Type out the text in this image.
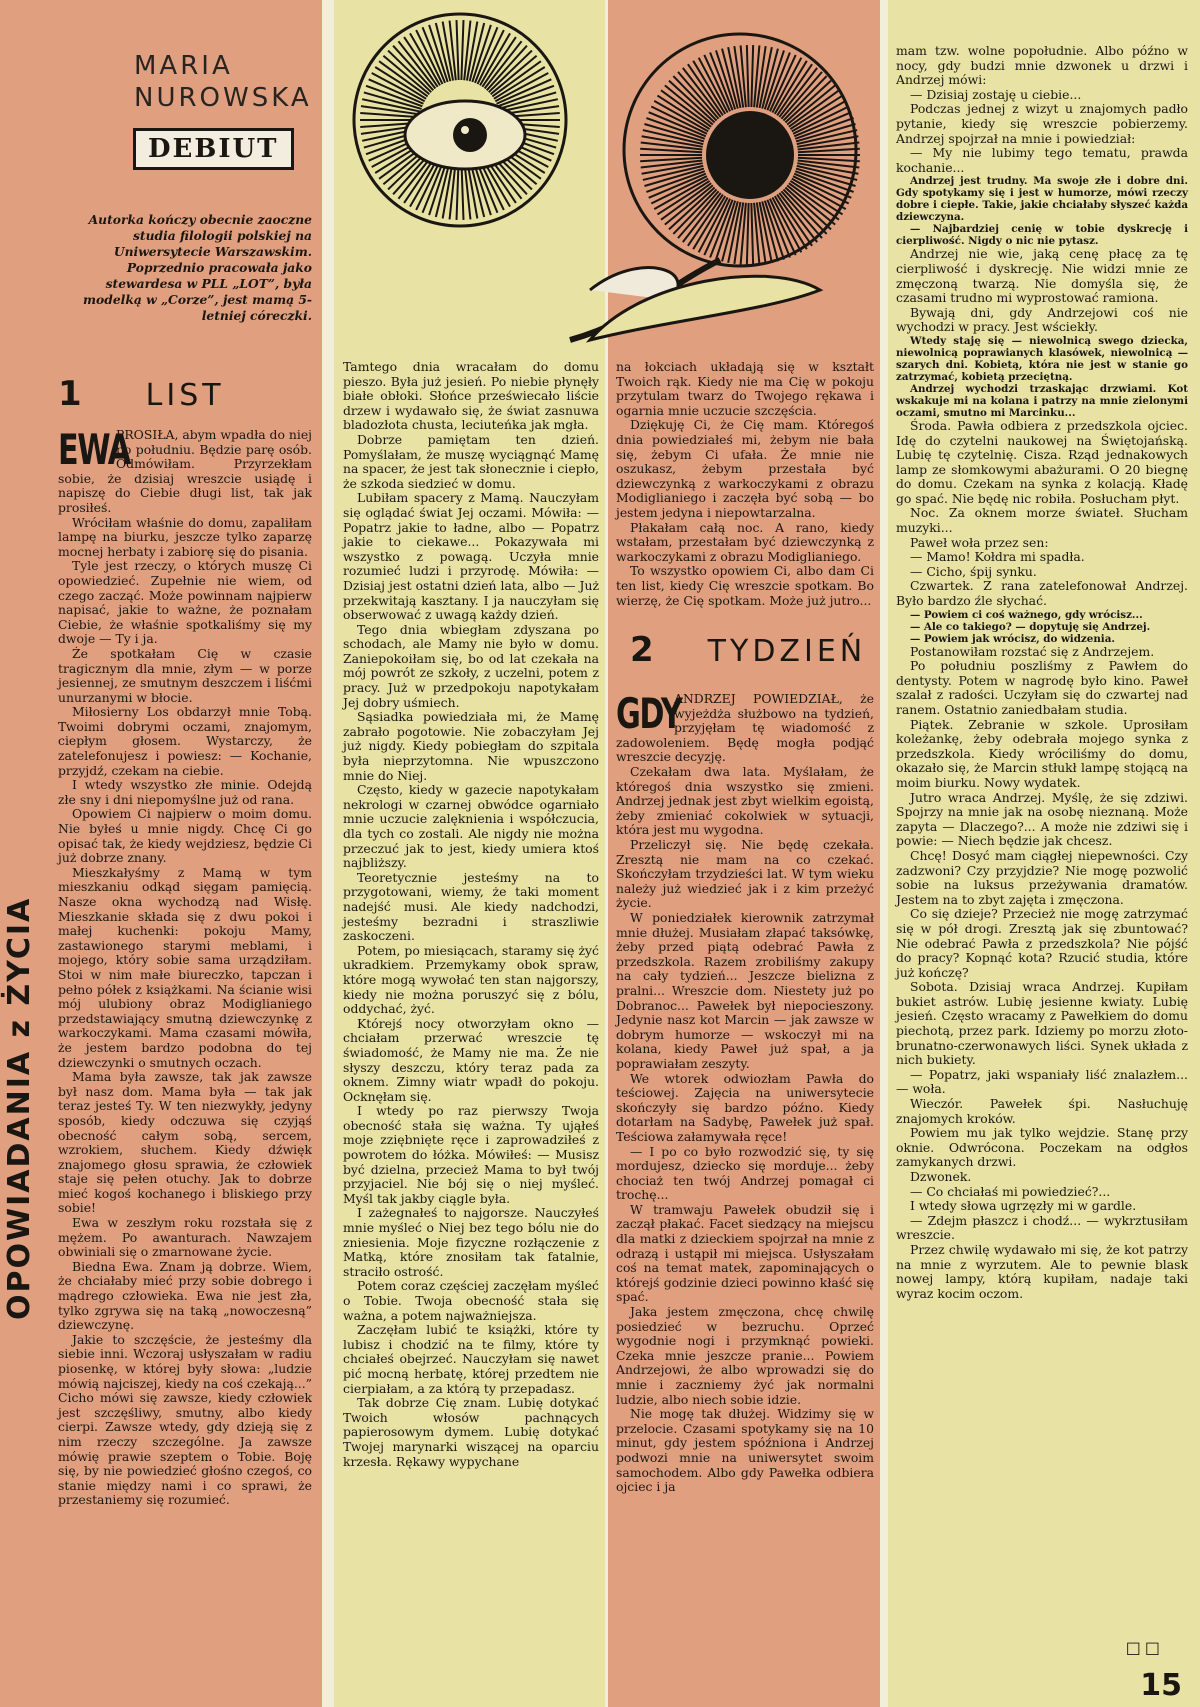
MARIA
NUROWSKA
DEBIUT
Autorka kończy obecnie zaoczne studia filologii polskiej na Uniwersytecie Warszawskim. Poprzednio pracowała jako stewardesa w PLL „LOT”, była modelką w „Corze”, jest mamą 5-letniej córeczki.
1 LIST
EWA

PROSIŁA, abym wpadła do niej po południu. Będzie parę osób. Odmówiłam. Przyrzekłam sobie, że dzisiaj wreszcie usiądę i napiszę do Ciebie długi list, tak jak prosiłeś.

Wróciłam właśnie do domu, zapaliłam lampę na biurku, jeszcze tylko zaparzę mocnej herbaty i zabiorę się do pisania.

Tyle jest rzeczy, o których muszę Ci opowiedzieć. Zupełnie nie wiem, od czego zacząć. Może powinnam najpierw napisać, jakie to ważne, że poznałam Ciebie, że właśnie spotkaliśmy się my dwoje — Ty i ja.

Że spotkałam Cię w czasie tragicznym dla mnie, złym — w porze jesiennej, ze smutnym deszczem i liśćmi unurzanymi w błocie.

Miłosierny Los obdarzył mnie Tobą. Twoimi dobrymi oczami, znajomym, ciepłym głosem. Wystarczy, że zatelefonujesz i powiesz: — Kochanie, przyjdź, czekam na ciebie.

I wtedy wszystko złe minie. Odejdą złe sny i dni niepomyślne już od rana.

Opowiem Ci najpierw o moim domu. Nie byłeś u mnie nigdy. Chcę Ci go opisać tak, że kiedy wejdziesz, będzie Ci już dobrze znany.

Mieszkałyśmy z Mamą w tym mieszkaniu odkąd sięgam pamięcią. Nasze okna wychodzą nad Wisłę. Mieszkanie składa się z dwu pokoi i małej kuchenki: pokoju Mamy, zastawionego starymi meblami, i mojego, który sobie sama urządziłam. Stoi w nim małe biureczko, tapczan i pełno półek z książkami. Na ścianie wisi mój ulubiony obraz Modiglianiego przedstawiający smutną dziewczynkę z warkoczykami. Mama czasami mówiła, że jestem bardzo podobna do tej dziewczynki o smutnych oczach.

Mama była zawsze, tak jak zawsze był nasz dom. Mama była — tak jak teraz jesteś Ty. W ten niezwykły, jedyny sposób, kiedy odczuwa się czyjąś obecność całym sobą, sercem, wzrokiem, słuchem. Kiedy dźwięk znajomego głosu sprawia, że człowiek staje się pełen otuchy. Jak to dobrze mieć kogoś kochanego i bliskiego przy sobie!

Ewa w zeszłym roku rozstała się z mężem. Po awanturach. Nawzajem obwiniali się o zmarnowane życie.

Biedna Ewa. Znam ją dobrze. Wiem, że chciałaby mieć przy sobie dobrego i mądrego człowieka. Ewa nie jest zła, tylko zgrywa się na taką „nowoczesną” dziewczynę.

Jakie to szczęście, że jesteśmy dla siebie inni. Wczoraj usłyszałam w radiu piosenkę, w której były słowa: „ludzie mówią najciszej, kiedy na coś czekają...” Cicho mówi się zawsze, kiedy człowiek jest szczęśliwy, smutny, albo kiedy cierpi. Zawsze wtedy, gdy dzieją się z nim rzeczy szczególne. Ja zawsze mówię prawie szeptem o Tobie. Boję się, by nie powiedzieć głośno czegoś, co stanie między nami i co sprawi, że przestaniemy się rozumieć.

OPOWIADANIA z ŻYCIA

Tamtego dnia wracałam do domu pieszo. Była już jesień. Po niebie płynęły białe obłoki. Słońce przeświecało liście drzew i wydawało się, że świat zasnuwa bladozłota chusta, leciuteńka jak mgła.

Dobrze pamiętam ten dzień. Pomyślałam, że muszę wyciągnąć Mamę na spacer, że jest tak słonecznie i ciepło, że szkoda siedzieć w domu.

Lubiłam spacery z Mamą. Nauczyłam się oglądać świat Jej oczami. Mówiła: — Popatrz jakie to ładne, albo — Popatrz jakie to ciekawe... Pokazywała mi wszystko z powagą. Uczyła mnie rozumieć ludzi i przyrodę. Mówiła: — Dzisiaj jest ostatni dzień lata, albo — Już przekwitają kasztany. I ja nauczyłam się obserwować z uwagą każdy dzień.

Tego dnia wbiegłam zdyszana po schodach, ale Mamy nie było w domu. Zaniepokoiłam się, bo od lat czekała na mój powrót ze szkoły, z uczelni, potem z pracy. Już w przedpokoju napotykałam Jej dobry uśmiech.

Sąsiadka powiedziała mi, że Mamę zabrało pogotowie. Nie zobaczyłam Jej już nigdy. Kiedy pobiegłam do szpitala była nieprzytomna. Nie wpuszczono mnie do Niej.

Często, kiedy w gazecie napotykałam nekrologi w czarnej obwódce ogarniało mnie uczucie zalęknienia i współczucia, dla tych co zostali. Ale nigdy nie można przeczuć jak to jest, kiedy umiera ktoś najbliższy.

Teoretycznie jesteśmy na to przygotowani, wiemy, że taki moment nadejść musi. Ale kiedy nadchodzi, jesteśmy bezradni i straszliwie zaskoczeni.

Potem, po miesiącach, staramy się żyć ukradkiem. Przemykamy obok spraw, które mogą wywołać ten stan najgorszy, kiedy nie można poruszyć się z bólu, oddychać, żyć.

Którejś nocy otworzyłam okno — chciałam przerwać wreszcie tę świadomość, że Mamy nie ma. Że nie słyszy deszczu, który teraz pada za oknem. Zimny wiatr wpadł do pokoju. Ocknęłam się.

I wtedy po raz pierwszy Twoja obecność stała się ważna. Ty ująłeś moje zziębnięte ręce i zaprowadziłeś z powrotem do łóżka. Mówiłeś: — Musisz być dzielna, przecież Mama to był twój przyjaciel. Nie bój się o niej myśleć. Myśl tak jakby ciągle była.

I zażegnałeś to najgorsze. Nauczyłeś mnie myśleć o Niej bez tego bólu nie do zniesienia. Moje fizyczne rozłączenie z Matką, które znosiłam tak fatalnie, straciło ostrość.

Potem coraz częściej zaczęłam myśleć o Tobie. Twoja obecność stała się ważna, a potem najważniejsza.

Zaczęłam lubić te książki, które ty lubisz i chodzić na te filmy, które ty chciałeś obejrzeć. Nauczyłam się nawet pić mocną herbatę, której przedtem nie cierpiałam, a za którą ty przepadasz.

Tak dobrze Cię znam. Lubię dotykać Twoich włosów pachnących papierosowym dymem. Lubię dotykać Twojej marynarki wiszącej na oparciu krzesła. Rękawy wypychane

na łokciach układają się w kształt Twoich rąk. Kiedy nie ma Cię w pokoju przytulam twarz do Twojego rękawa i ogarnia mnie uczucie szczęścia.

Dziękuję Ci, że Cię mam. Któregoś dnia powiedziałeś mi, żebym nie bała się, żebym Ci ufała. Że mnie nie oszukasz, żebym przestała być dziewczynką z warkoczykami z obrazu Modiglianiego i zaczęła być sobą — bo jestem jedyna i niepowtarzalna.

Płakałam całą noc. A rano, kiedy wstałam, przestałam być dziewczynką z warkoczykami z obrazu Modiglianiego.

To wszystko opowiem Ci, albo dam Ci ten list, kiedy Cię wreszcie spotkam. Bo wierzę, że Cię spotkam. Może już jutro...

2 TYDZIEŃ
GDY

ANDRZEJ POWIEDZIAŁ, że wyjeżdża służbowo na tydzień, przyjęłam tę wiadomość z zadowoleniem. Będę mogła podjąć wreszcie decyzję.

Czekałam dwa lata. Myślałam, że któregoś dnia wszystko się zmieni. Andrzej jednak jest zbyt wielkim egoistą, żeby zmieniać cokolwiek w sytuacji, która jest mu wygodna.

Przeliczył się. Nie będę czekała. Zresztą nie mam na co czekać. Skończyłam trzydzieści lat. W tym wieku należy już wiedzieć jak i z kim przeżyć życie.

W poniedziałek kierownik zatrzymał mnie dłużej. Musiałam złapać taksówkę, żeby przed piątą odebrać Pawła z przedszkola. Razem zrobiliśmy zakupy na cały tydzień... Jeszcze bielizna z pralni... Wreszcie dom. Niestety już po Dobranoc... Pawełek był niepocieszony. Jedynie nasz kot Marcin — jak zawsze w dobrym humorze — wskoczył mi na kolana, kiedy Paweł już spał, a ja poprawiałam zeszyty.

We wtorek odwiozłam Pawła do teściowej. Zajęcia na uniwersytecie skończyły się bardzo późno. Kiedy dotarłam na Sadybę, Pawełek już spał. Teściowa załamywała ręce!

— I po co było rozwodzić się, ty się mordujesz, dziecko się morduje... żeby chociaż ten twój Andrzej pomagał ci trochę...

W tramwaju Pawełek obudził się i zaczął płakać. Facet siedzący na miejscu dla matki z dzieckiem spojrzał na mnie z odrazą i ustąpił mi miejsca. Usłyszałam coś na temat matek, zapominających o którejś godzinie dzieci powinno kłaść się spać.

Jaka jestem zmęczona, chcę chwilę posiedzieć w bezruchu. Oprzeć wygodnie nogi i przymknąć powieki. Czeka mnie jeszcze pranie... Powiem Andrzejowi, że albo wprowadzi się do mnie i zaczniemy żyć jak normalni ludzie, albo niech sobie idzie.

Nie mogę tak dłużej. Widzimy się w przelocie. Czasami spotykamy się na 10 minut, gdy jestem spóźniona i Andrzej podwozi mnie na uniwersytet swoim samochodem. Albo gdy Pawełka odbiera ojciec i ja

mam tzw. wolne popołudnie. Albo późno w nocy, gdy budzi mnie dzwonek u drzwi i Andrzej mówi:

— Dzisiaj zostaję u ciebie...

Podczas jednej z wizyt u znajomych padło pytanie, kiedy się wreszcie pobierzemy. Andrzej spojrzał na mnie i powiedział:

— My nie lubimy tego tematu, prawda kochanie...

Andrzej jest trudny. Ma swoje złe i dobre dni. Gdy spotykamy się i jest w humorze, mówi rzeczy dobre i ciepłe. Takie, jakie chciałaby słyszeć każda dziewczyna.

— Najbardziej cenię w tobie dyskrecję i cierpliwość. Nigdy o nic nie pytasz.

Andrzej nie wie, jaką cenę płacę za tę cierpliwość i dyskrecję. Nie widzi mnie ze zmęczoną twarzą. Nie domyśla się, że czasami trudno mi wyprostować ramiona.

Bywają dni, gdy Andrzejowi coś nie wychodzi w pracy. Jest wściekły.

Wtedy staję się — niewolnicą swego dziecka, niewolnicą poprawianych klasówek, niewolnicą — szarych dni. Kobietą, która nie jest w stanie go zatrzymać, kobietą przeciętną.

Andrzej wychodzi trzaskając drzwiami. Kot wskakuje mi na kolana i patrzy na mnie zielonymi oczami, smutno mi Marcinku...

Środa. Pawła odbiera z przedszkola ojciec. Idę do czytelni naukowej na Świętojańską. Lubię tę czytelnię. Cisza. Rząd jednakowych lamp ze słomkowymi abażurami. O 20 biegnę do domu. Czekam na synka z kolacją. Kładę go spać. Nie będę nic robiła. Posłucham płyt.

Noc. Za oknem morze świateł. Słucham muzyki...

Paweł woła przez sen:

— Mamo! Kołdra mi spadła.

— Cicho, śpij synku.

Czwartek. Z rana zatelefonował Andrzej. Było bardzo źle słychać.

— Powiem ci coś ważnego, gdy wrócisz...

— Ale co takiego? — dopytuję się Andrzej.

— Powiem jak wrócisz, do widzenia.

Postanowiłam rozstać się z Andrzejem.

Po południu poszliśmy z Pawłem do dentysty. Potem w nagrodę było kino. Paweł szalał z radości. Uczyłam się do czwartej nad ranem. Ostatnio zaniedbałam studia.

Piątek. Zebranie w szkole. Uprosiłam koleżankę, żeby odebrała mojego synka z przedszkola. Kiedy wróciliśmy do domu, okazało się, że Marcin stłukł lampę stojącą na moim biurku. Nowy wydatek.

Jutro wraca Andrzej. Myślę, że się zdziwi. Spojrzy na mnie jak na osobę nieznaną. Może zapyta — Dlaczego?... A może nie zdziwi się i powie: — Niech będzie jak chcesz.

Chcę! Dosyć mam ciągłej niepewności. Czy zadzwoni? Czy przyjdzie? Nie mogę pozwolić sobie na luksus przeżywania dramatów. Jestem na to zbyt zajęta i zmęczona.

Co się dzieje? Przecież nie mogę zatrzymać się w pół drogi. Zresztą jak się zbuntować? Nie odebrać Pawła z przedszkola? Nie pójść do pracy? Kopnąć kota? Rzucić studia, które już kończę?

Sobota. Dzisiaj wraca Andrzej. Kupiłam bukiet astrów. Lubię jesienne kwiaty. Lubię jesień. Często wracamy z Pawełkiem do domu piechotą, przez park. Idziemy po morzu złoto-brunatno-czerwonawych liści. Synek układa z nich bukiety.

— Popatrz, jaki wspaniały liść znalazłem... — woła.

Wieczór. Pawełek śpi. Nasłuchuję znajomych kroków.

Powiem mu jak tylko wejdzie. Stanę przy oknie. Odwrócona. Poczekam na odgłos zamykanych drzwi.

Dzwonek.

— Co chciałaś mi powiedzieć?...

I wtedy słowa ugrzęzły mi w gardle.

— Zdejm płaszcz i chodź... — wykrztusiłam wreszcie.

Przez chwilę wydawało mi się, że kot patrzy na mnie z wyrzutem. Ale to pewnie blask nowej lampy, którą kupiłam, nadaje taki wyraz kocim oczom.

□□
15
